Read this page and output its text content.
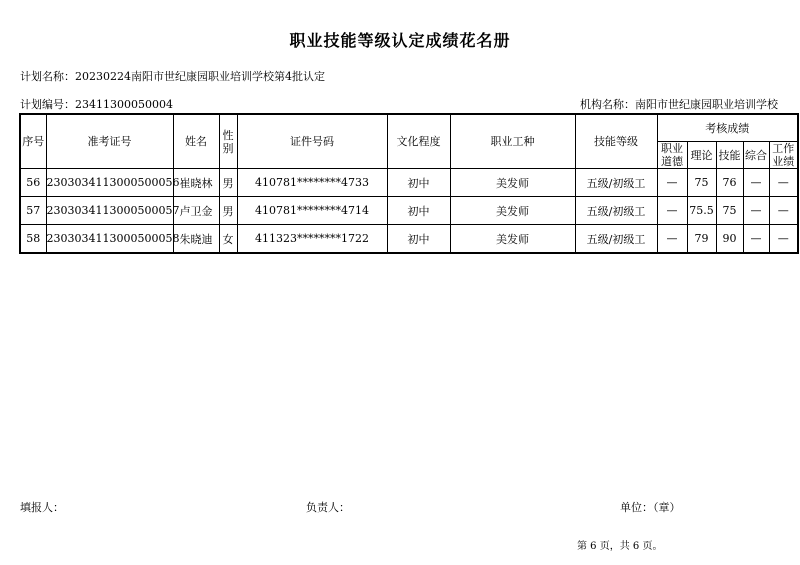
职业技能等级认定成绩花名册
计划名称：20230224南阳市世纪康园职业培训学校第4批认定
计划编号：23411300050004	机构名称：南阳市世纪康园职业培训学校
序号	准考证号	姓名	性别	证件号码	文化程度	职业工种	技能等级	考核成绩				
								职业道德	理论	技能	综合	工作业绩
56	2303034113000500056	崔晓林	男	410781********4733	初中	美发师	五级/初级工	—	75	76	—	—
57	2303034113000500057	卢卫金	男	410781********4714	初中	美发师	五级/初级工	—	75.5	75	—	—
58	2303034113000500058	朱晓迪	女	411323********1722	初中	美发师	五级/初级工	—	79	90	—	—
填报人：	负责人：	单位：（章）
第 6 页，共 6 页。
